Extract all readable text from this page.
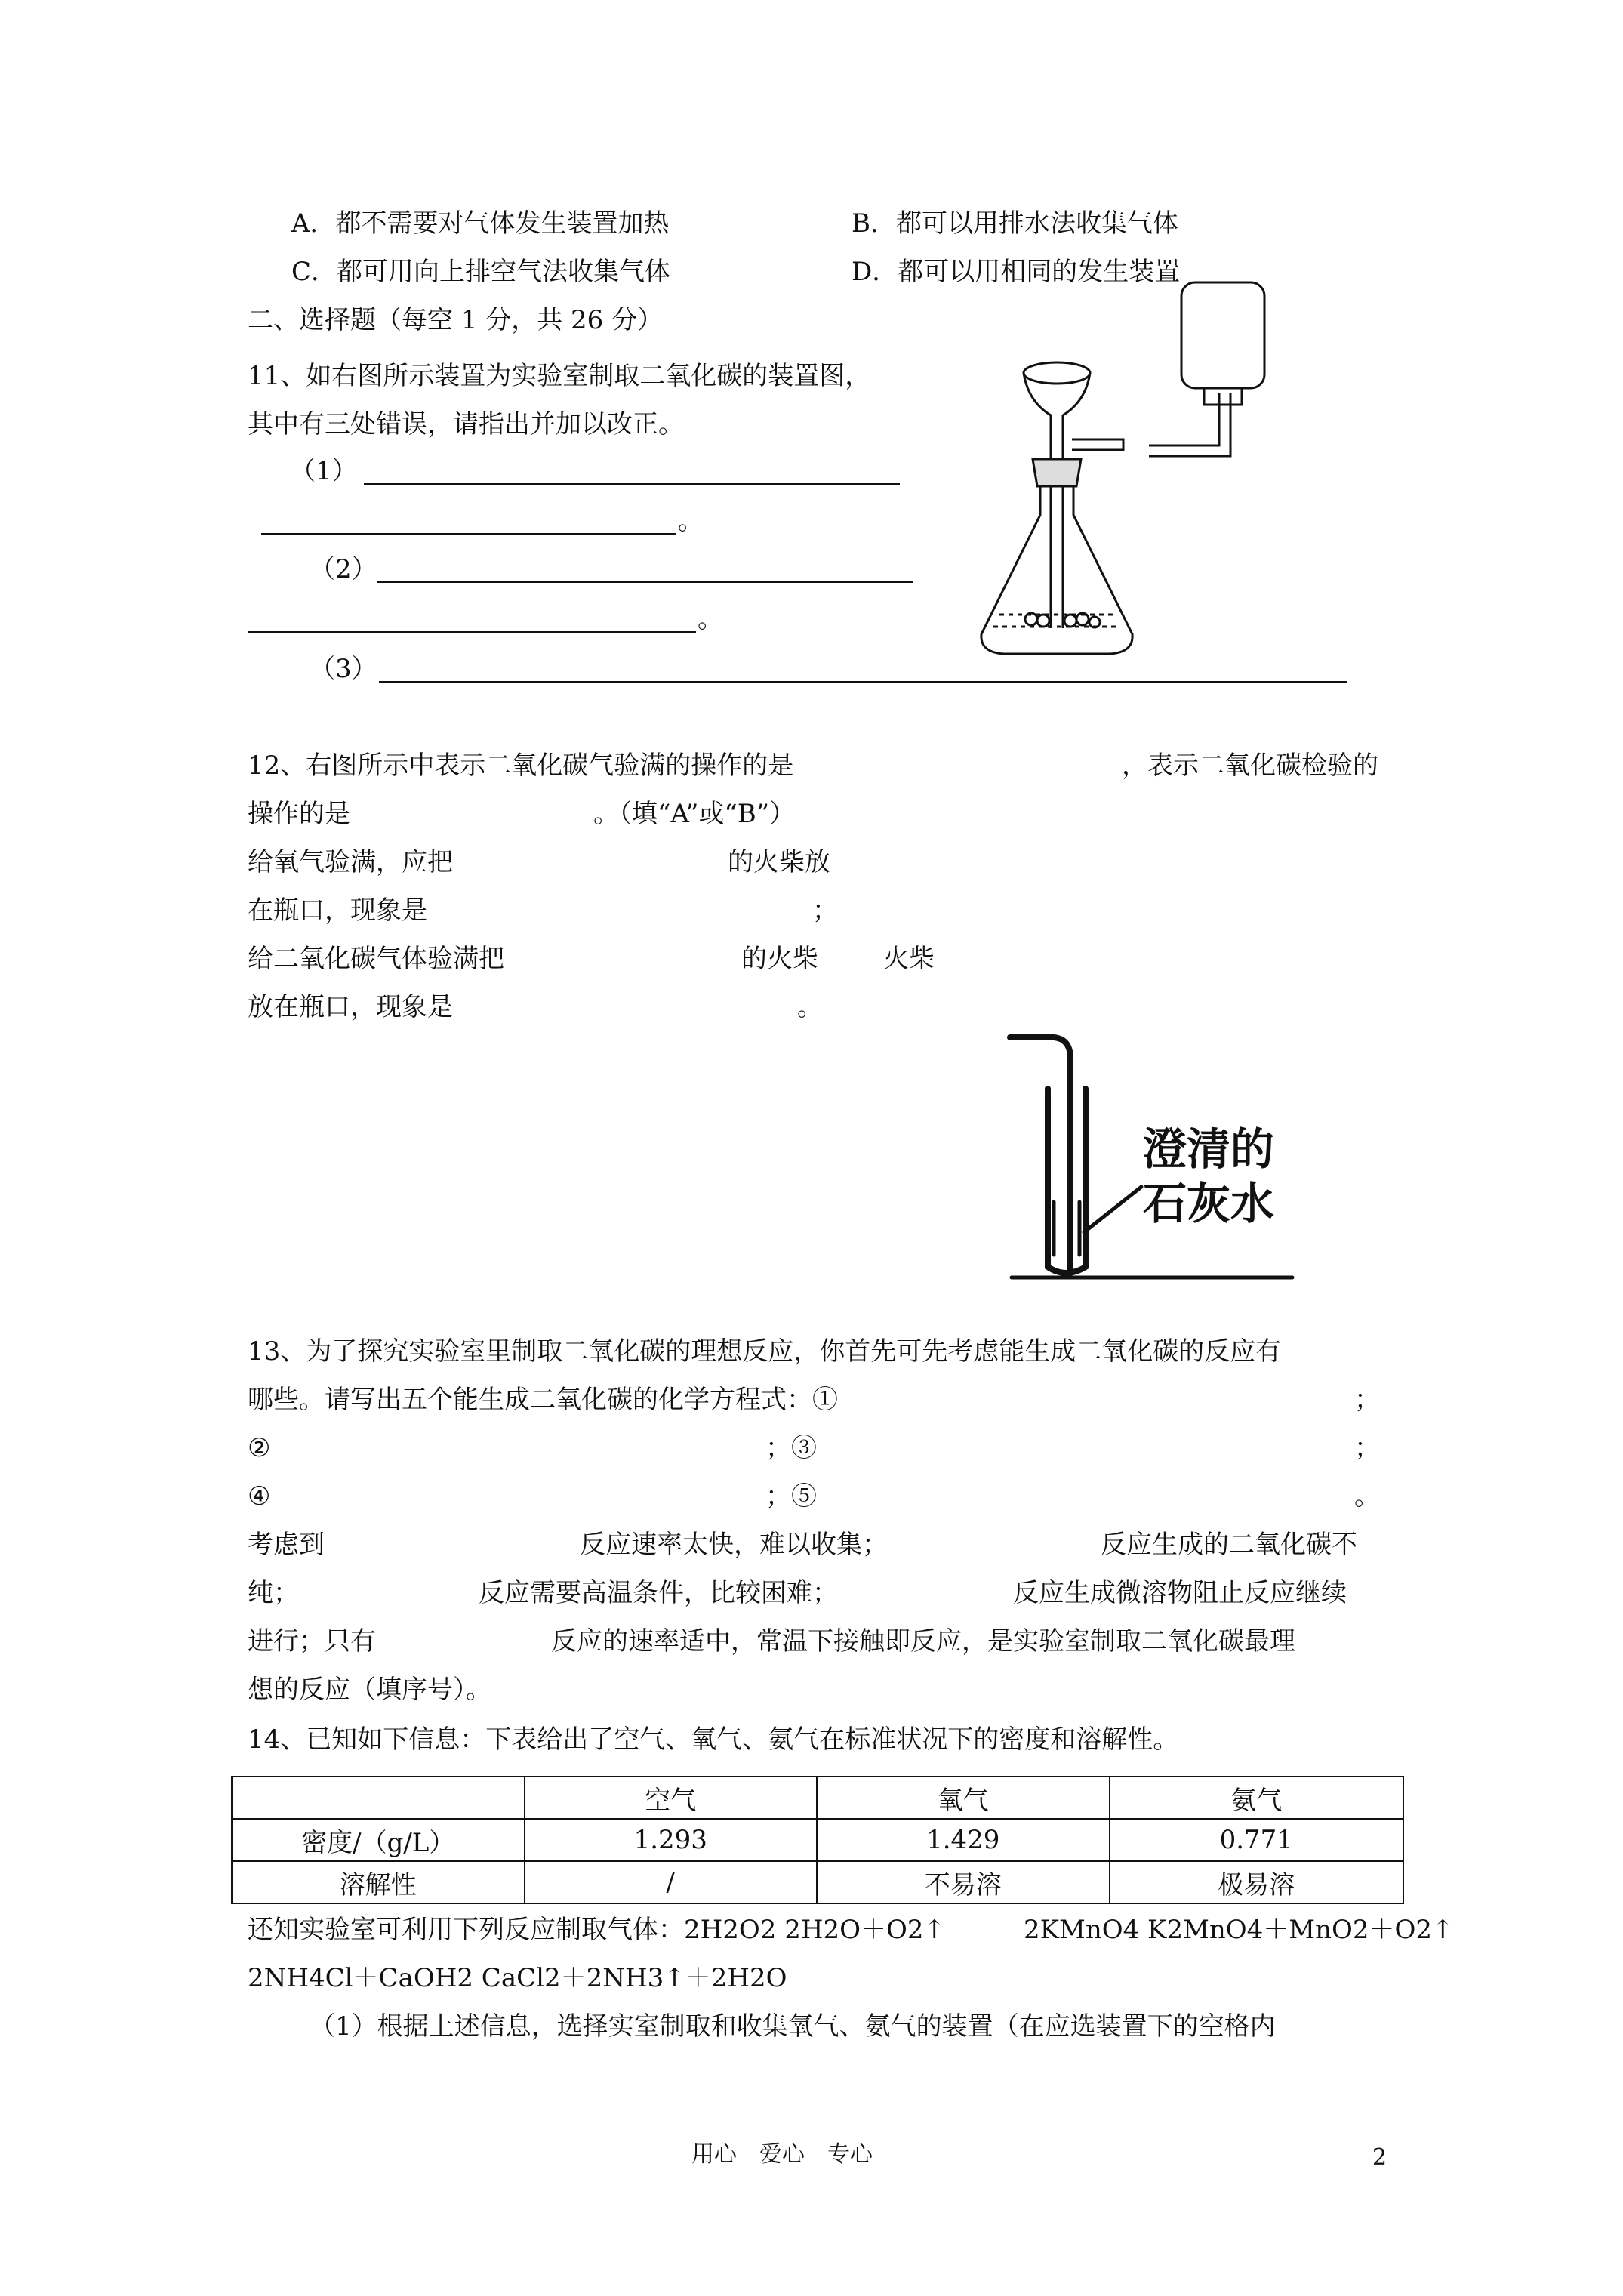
A．都不需要对气体发生装置加热	B．都可以用排水法收集气体
C．都可用向上排空气法收集气体	D．都可以用相同的发生装置
二、选择题（每空 1 分，共 26 分）
11、如右图所示装置为实验室制取二氧化碳的装置图，
其中有三处错误，请指出并加以改正。
（1）
。
（2）
。
（3）
12、右图所示中表示二氧化碳气验满的操作的是	，表示二氧化碳检验的
操作的是	。（填“A”或“B”）
给氧气验满，应把	的火柴放
在瓶口，现象是	；
给二氧化碳气体验满把	的火柴	火柴
放在瓶口，现象是	。
澄清的
石灰水
13、为了探究实验室里制取二氧化碳的理想反应，你首先可先考虑能生成二氧化碳的反应有
哪些。请写出五个能生成二氧化碳的化学方程式：①	；
②	；③	；
④	；⑤	。
考虑到	反应速率太快，难以收集；	反应生成的二氧化碳不
纯；	反应需要高温条件，比较困难；	反应生成微溶物阻止反应继续
进行；只有	反应的速率适中，常温下接触即反应，是实验室制取二氧化碳最理
想的反应（填序号）。
14、已知如下信息：下表给出了空气、氧气、氨气在标准状况下的密度和溶解性。
	空气	氧气	氨气
密度/（g/L）	1.293	1.429	0.771
溶解性	/	不易溶	极易溶
还知实验室可利用下列反应制取气体：2H2O2 2H2O＋O2↑	2KMnO4 K2MnO4＋MnO2＋O2↑
2NH4Cl＋CaOH2 CaCl2＋2NH3↑＋2H2O
（1）根据上述信息，选择实室制取和收集氧气、氨气的装置（在应选装置下的空格内
用心　爱心　专心	2
